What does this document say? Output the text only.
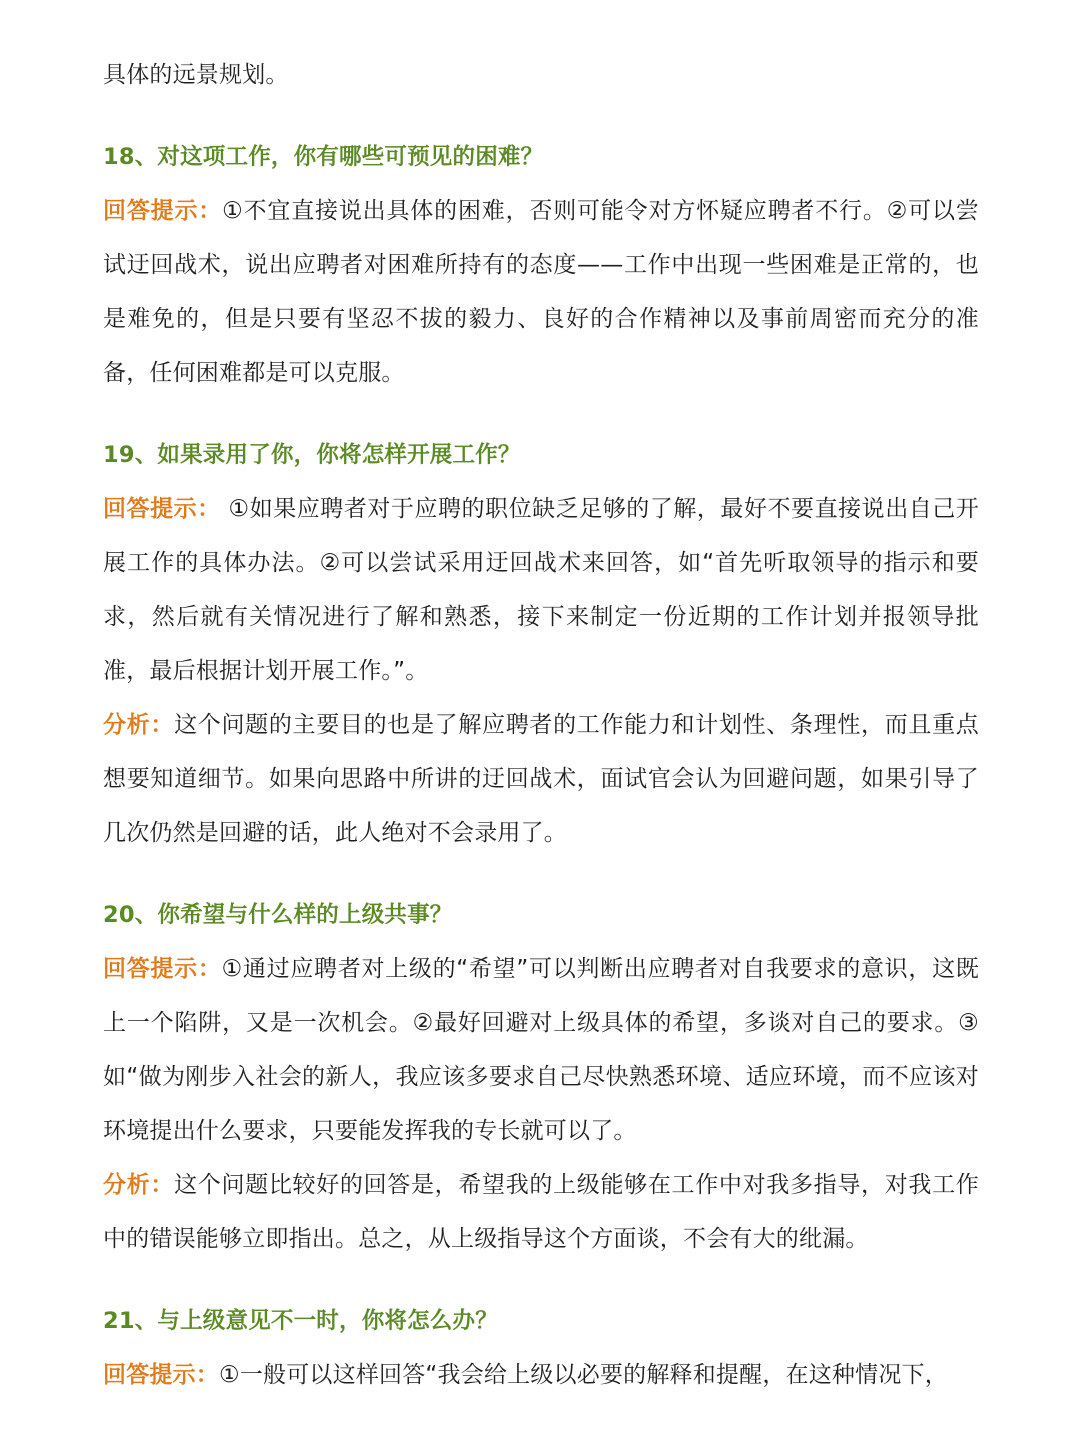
具体的远景规划。

18、对这项工作，你有哪些可预见的困难？

回答提示：①不宜直接说出具体的困难，否则可能令对方怀疑应聘者不行。②可以尝试迂回战术，说出应聘者对困难所持有的态度——工作中出现一些困难是正常的，也是难免的，但是只要有坚忍不拔的毅力、良好的合作精神以及事前周密而充分的准备，任何困难都是可以克服。

19、如果录用了你，你将怎样开展工作？

回答提示： ①如果应聘者对于应聘的职位缺乏足够的了解，最好不要直接说出自己开展工作的具体办法。②可以尝试采用迂回战术来回答，如“首先听取领导的指示和要求，然后就有关情况进行了解和熟悉，接下来制定一份近期的工作计划并报领导批准，最后根据计划开展工作。”。

分析：这个问题的主要目的也是了解应聘者的工作能力和计划性、条理性，而且重点想要知道细节。如果向思路中所讲的迂回战术，面试官会认为回避问题，如果引导了几次仍然是回避的话，此人绝对不会录用了。

20、你希望与什么样的上级共事？

回答提示：①通过应聘者对上级的“希望”可以判断出应聘者对自我要求的意识，这既上一个陷阱，又是一次机会。②最好回避对上级具体的希望，多谈对自己的要求。③如“做为刚步入社会的新人，我应该多要求自己尽快熟悉环境、适应环境，而不应该对环境提出什么要求，只要能发挥我的专长就可以了。

分析：这个问题比较好的回答是，希望我的上级能够在工作中对我多指导，对我工作中的错误能够立即指出。总之，从上级指导这个方面谈，不会有大的纰漏。

21、与上级意见不一时，你将怎么办？

回答提示：①一般可以这样回答“我会给上级以必要的解释和提醒，在这种情况下，
